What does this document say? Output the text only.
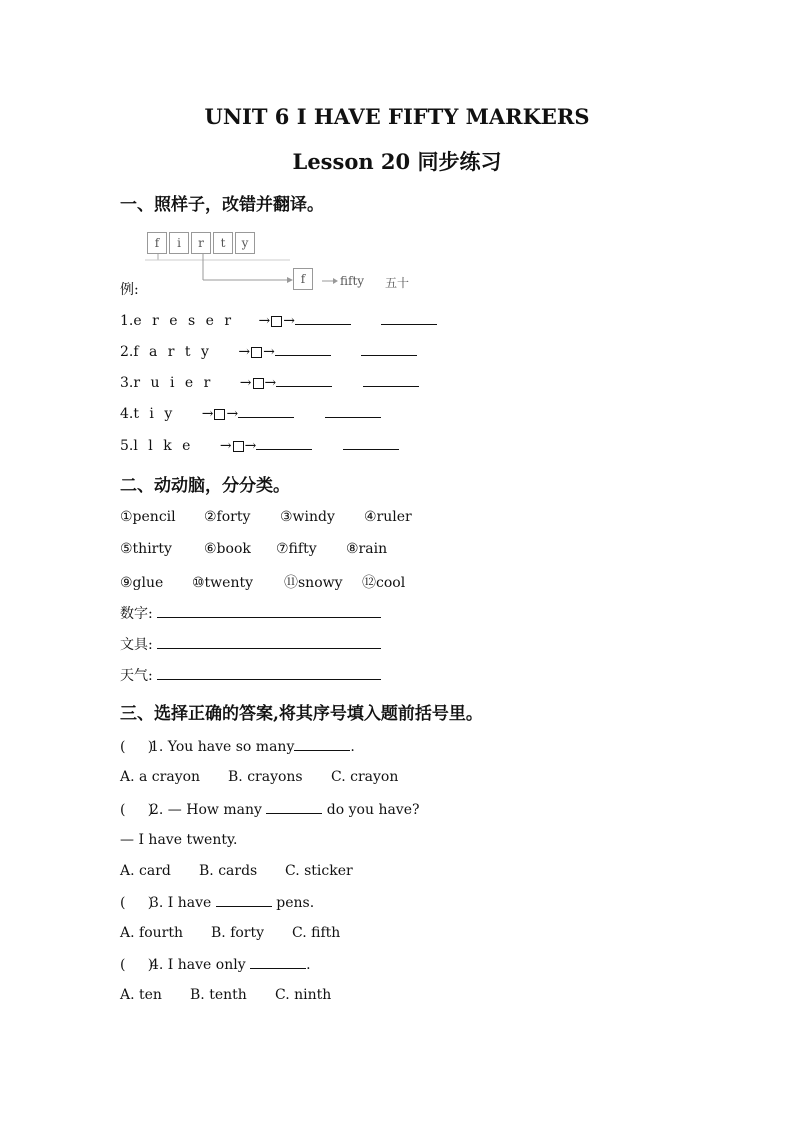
UNIT 6 I HAVE FIFTY MARKERS
Lesson 20 同步练习
一、照样子，改错并翻译。
f	i	r	t	y
f	fifty 五十
例:
1.e r e s e r → →
2.f a r t y → →
3.r u i e r → →
4.t i y → →
5.l l k e → →
二、动动脑，分分类。
①pencil ②forty ③windy ④ruler
⑤thirty ⑥book ⑦fifty ⑧rain
⑨glue ⑩twenty ⑪snowy ⑫cool
数字:
文具:
天气:
三、选择正确的答案,将其序号填入题前括号里。
(     )1. You have so many	.
A. a crayon B. crayons C. crayon
(     )2. — How many	do you have?
— I have twenty.
A. card B. cards C. sticker
(     )3. I have	pens.
A. fourth B. forty C. fifth
(     )4. I have only	.
A. ten B. tenth C. ninth
